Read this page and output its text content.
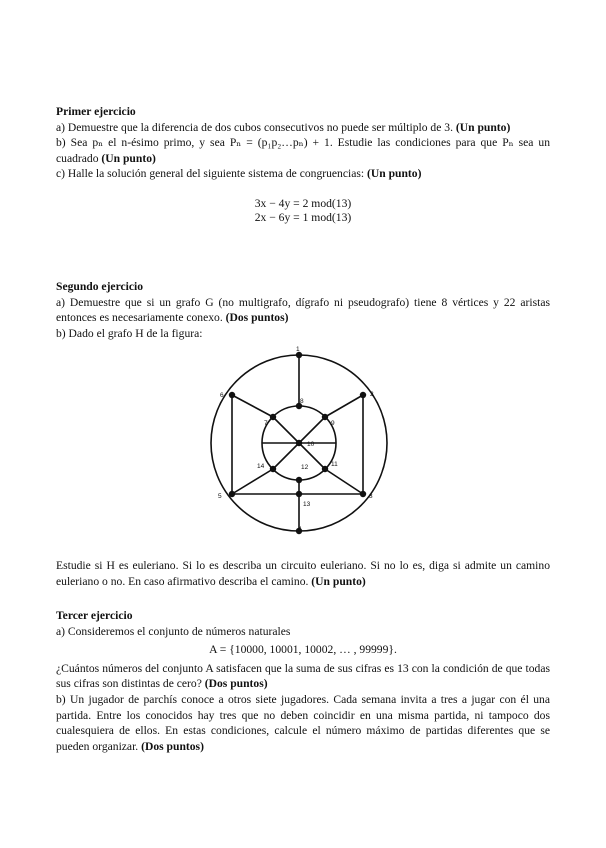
Primer ejercicio

a) Demuestre que la diferencia de dos cubos consecutivos no puede ser múltiplo de 3. (Un punto)

b) Sea pₙ el n-ésimo primo, y sea Pₙ = (p₁p₂…pₙ) + 1. Estudie las condiciones para que Pₙ sea un cuadrado (Un punto)

c) Halle la solución general del siguiente sistema de congruencias: (Un punto)

3x − 4y = 2 mod(13)
2x − 6y = 1 mod(13)

Segundo ejercicio

a) Demuestre que si un grafo G (no multigrafo, dígrafo ni pseudografo) tiene 8 vértices y 22 aristas entonces es necesariamente conexo. (Dos puntos)

b) Dado el grafo H de la figura:

1
2
3
4
5
6
7
8
9
10
11
12
13
14

Estudie si H es euleriano. Si lo es describa un circuito euleriano. Si no lo es, diga si admite un camino euleriano o no. En caso afirmativo describa el camino. (Un punto)

Tercer ejercicio

a) Consideremos el conjunto de números naturales

A = {10000, 10001, 10002, … , 99999}.

¿Cuántos números del conjunto A satisfacen que la suma de sus cifras es 13 con la condición de que todas sus cifras son distintas de cero? (Dos puntos)

b) Un jugador de parchís conoce a otros siete jugadores. Cada semana invita a tres a jugar con él una partida. Entre los conocidos hay tres que no deben coincidir en una misma partida, ni tampoco dos cualesquiera de ellos. En estas condiciones, calcule el número máximo de partidas diferentes que se pueden organizar. (Dos puntos)
